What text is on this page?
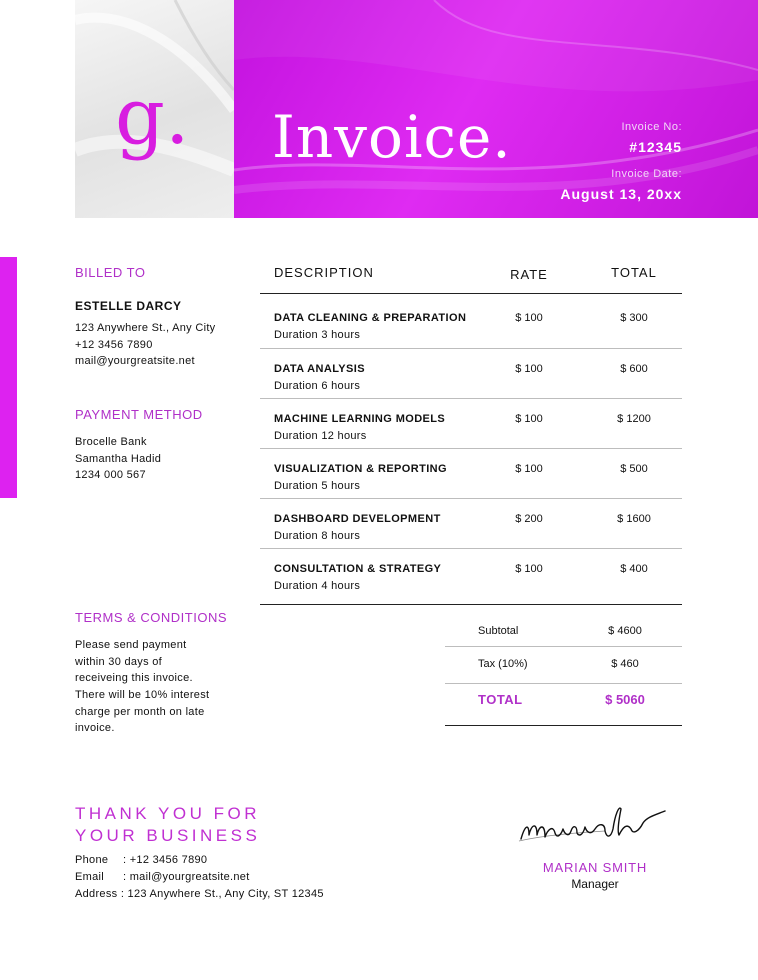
g. Invoice.	Invoice No:
#12345
Invoice Date:
August 13, 20xx
BILLED TO
ESTELLE DARCY
123 Anywhere St., Any City
+12 3456 7890
mail@yourgreatsite.net
PAYMENT METHOD
Brocelle Bank
Samantha Hadid
1234 000 567
TERMS & CONDITIONS
Please send payment
within 30 days of
receiveing this invoice.
There will be 10% interest
charge per month on late
invoice.
DESCRIPTION	RATE	TOTAL
DATA CLEANING & PREPARATION
Duration 3 hours
$ 100	$ 300
DATA ANALYSIS
Duration 6 hours
$ 100	$ 600
MACHINE LEARNING MODELS
Duration 12 hours
$ 100	$ 1200
VISUALIZATION & REPORTING
Duration 5 hours
$ 100	$ 500
DASHBOARD DEVELOPMENT
Duration 8 hours
$ 200	$ 1600
CONSULTATION & STRATEGY
Duration 4 hours
$ 100	$ 400
Subtotal	$ 4600
Tax (10%)	$ 460
TOTAL	$ 5060
THANK YOU FOR
YOUR BUSINESS
Phone : +12 3456 7890
Email : mail@yourgreatsite.net
Address : 123 Anywhere St., Any City, ST 12345
MARIAN SMITH
Manager
